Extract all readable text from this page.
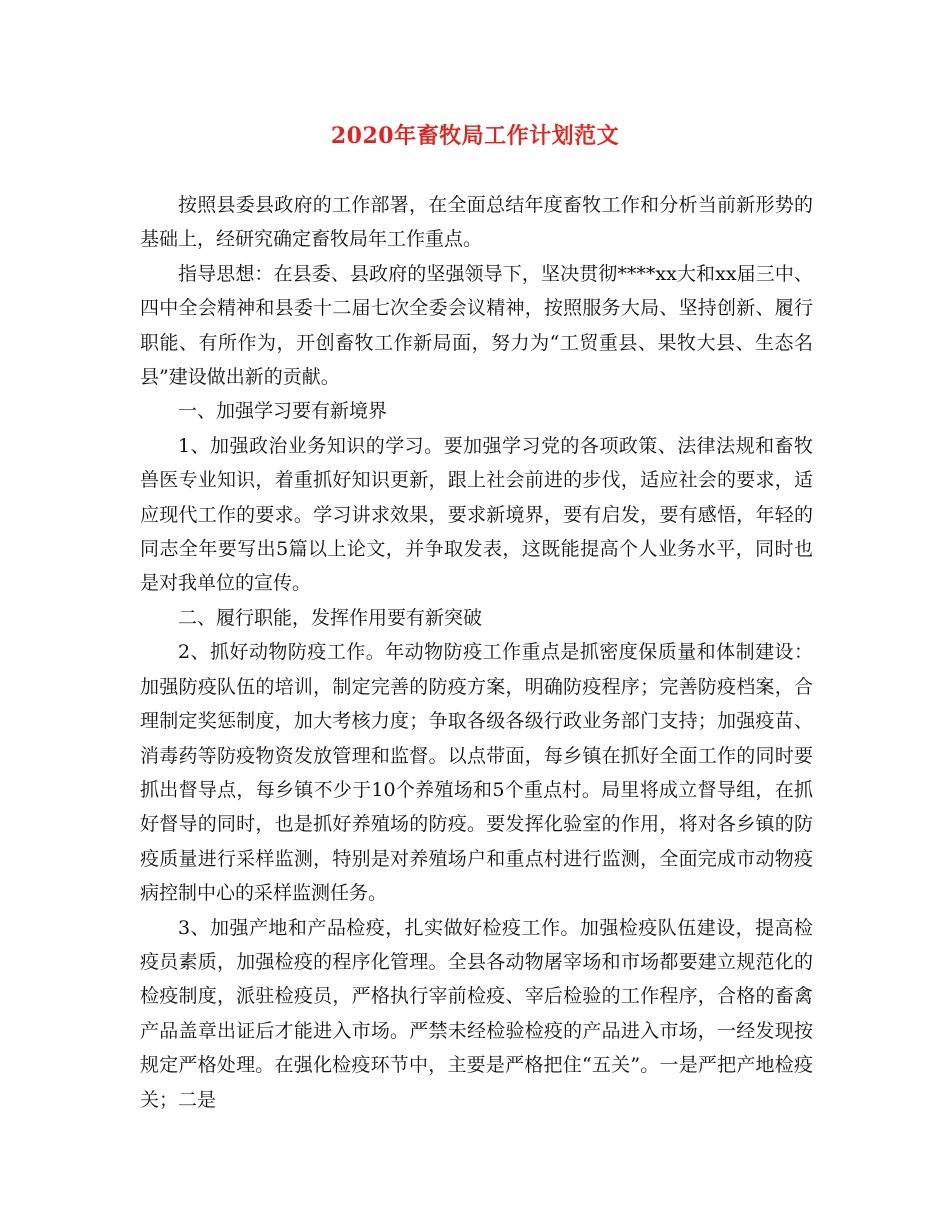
2020年畜牧局工作计划范文

按照县委县政府的工作部署，在全面总结年度畜牧工作和分析当前新形势的基础上，经研究确定畜牧局年工作重点。

指导思想：在县委、县政府的坚强领导下，坚决贯彻****xx大和xx届三中、四中全会精神和县委十二届七次全委会议精神，按照服务大局、坚持创新、履行职能、有所作为，开创畜牧工作新局面，努力为“工贸重县、果牧大县、生态名县”建设做出新的贡献。

一、加强学习要有新境界

1、加强政治业务知识的学习。要加强学习党的各项政策、法律法规和畜牧兽医专业知识，着重抓好知识更新，跟上社会前进的步伐，适应社会的要求，适应现代工作的要求。学习讲求效果，要求新境界，要有启发，要有感悟，年轻的同志全年要写出5篇以上论文，并争取发表，这既能提高个人业务水平，同时也是对我单位的宣传。

二、履行职能，发挥作用要有新突破

2、抓好动物防疫工作。年动物防疫工作重点是抓密度保质量和体制建设：加强防疫队伍的培训，制定完善的防疫方案，明确防疫程序；完善防疫档案，合理制定奖惩制度，加大考核力度；争取各级各级行政业务部门支持；加强疫苗、消毒药等防疫物资发放管理和监督。以点带面，每乡镇在抓好全面工作的同时要抓出督导点，每乡镇不少于10个养殖场和5个重点村。局里将成立督导组，在抓好督导的同时，也是抓好养殖场的防疫。要发挥化验室的作用，将对各乡镇的防疫质量进行采样监测，特别是对养殖场户和重点村进行监测，全面完成市动物疫病控制中心的采样监测任务。

3、加强产地和产品检疫，扎实做好检疫工作。加强检疫队伍建设，提高检疫员素质，加强检疫的程序化管理。全县各动物屠宰场和市场都要建立规范化的检疫制度，派驻检疫员，严格执行宰前检疫、宰后检验的工作程序，合格的畜禽产品盖章出证后才能进入市场。严禁未经检验检疫的产品进入市场，一经发现按规定严格处理。在强化检疫环节中，主要是严格把住“五关”。一是严把产地检疫关；二是
